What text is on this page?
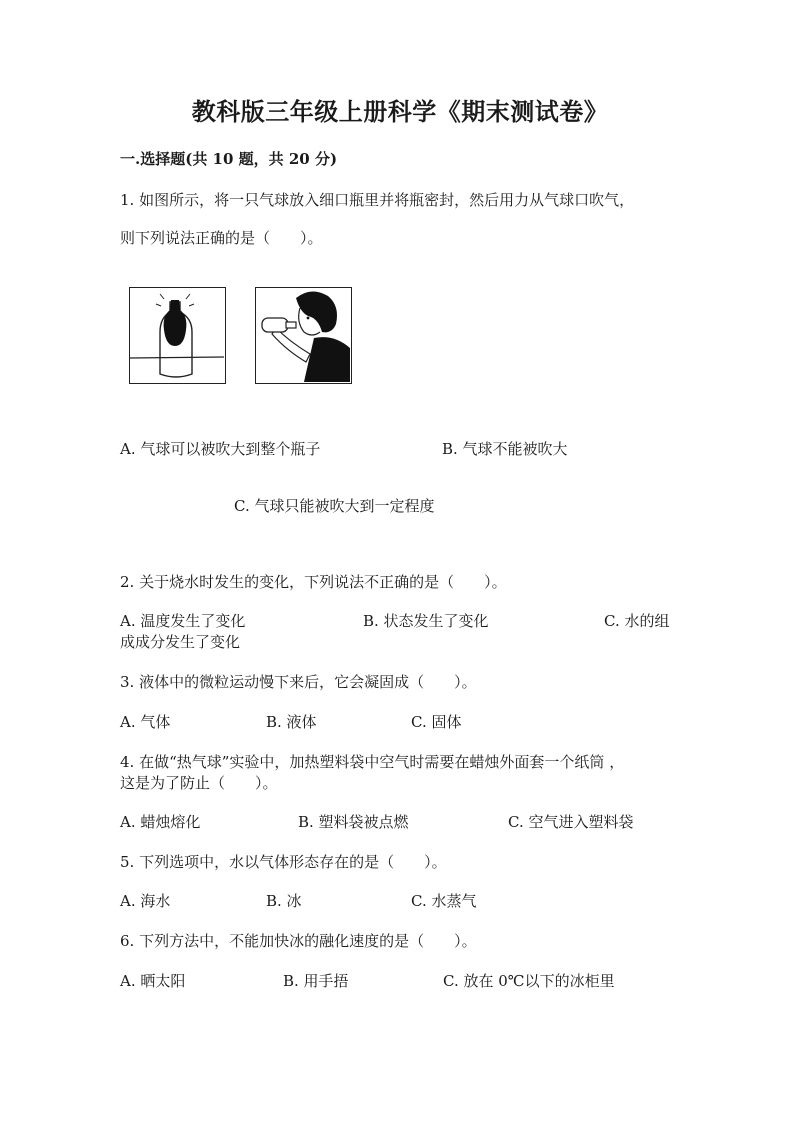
教科版三年级上册科学《期末测试卷》
一.选择题(共 10 题，共 20 分)
1. 如图所示，将一只气球放入细口瓶里并将瓶密封，然后用力从气球口吹气，
则下列说法正确的是（　　）。
A. 气球可以被吹大到整个瓶子	B. 气球不能被吹大
C. 气球只能被吹大到一定程度
2. 关于烧水时发生的变化，下列说法不正确的是（　　）。
A. 温度发生了变化	B. 状态发生了变化	C. 水的组
成成分发生了变化
3. 液体中的微粒运动慢下来后，它会凝固成（　　）。
A. 气体	B. 液体	C. 固体
4. 在做“热气球”实验中，加热塑料袋中空气时需要在蜡烛外面套一个纸筒 ，
这是为了防止（　　）。
A. 蜡烛熔化	B. 塑料袋被点燃	C. 空气进入塑料袋
5. 下列选项中，水以气体形态存在的是（　　）。
A. 海水	B. 冰	C. 水蒸气
6. 下列方法中，不能加快冰的融化速度的是（　　）。
A. 晒太阳	B. 用手捂	C. 放在 0℃以下的冰柜里
